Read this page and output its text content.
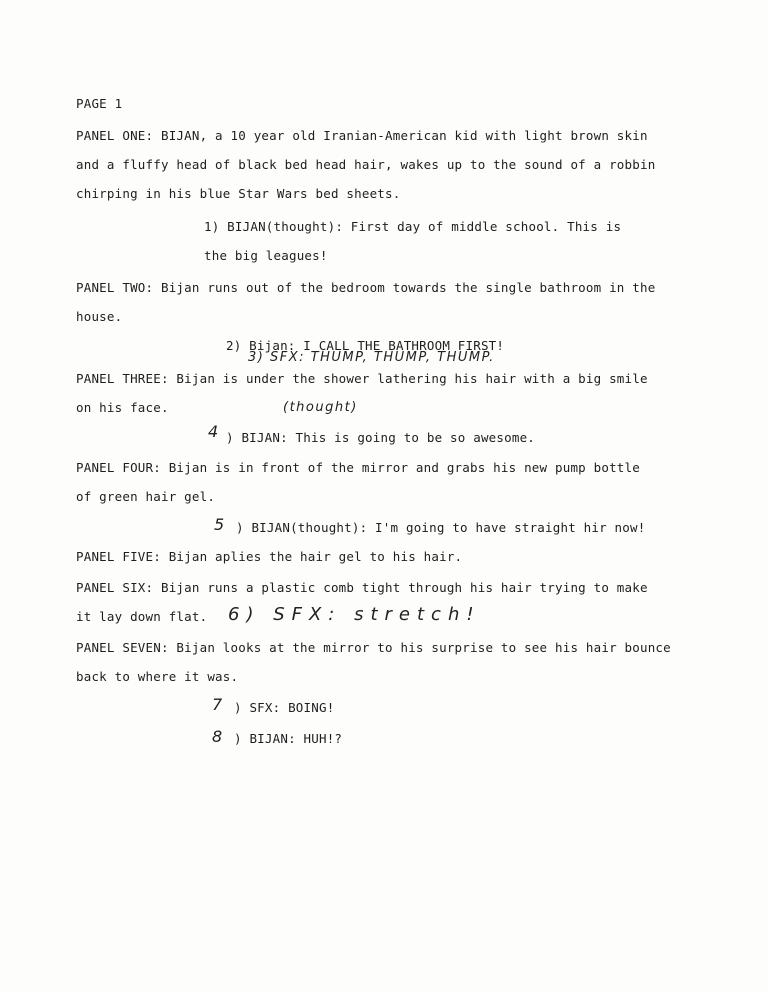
PAGE 1
PANEL ONE: BIJAN, a 10 year old Iranian-American kid with light brown skin
and a fluffy head of black bed head hair, wakes up to the sound of a robbin
chirping in his blue Star Wars bed sheets.
1) BIJAN(thought): First day of middle school. This is
the big leagues!
PANEL TWO: Bijan runs out of the bedroom towards the single bathroom in the
house.
2) Bijan: I CALL THE BATHROOM FIRST!
3) SFX: THUMP, THUMP, THUMP.
PANEL THREE: Bijan is under the shower lathering his hair with a big smile
on his face.	(thought)
4 ) BIJAN: This is going to be so awesome.
PANEL FOUR: Bijan is in front of the mirror and grabs his new pump bottle
of green hair gel.
5 ) BIJAN(thought): I'm going to have straight hir now!
PANEL FIVE: Bijan aplies the hair gel to his hair.
PANEL SIX: Bijan runs a plastic comb tight through his hair trying to make
it lay down flat. 6) SFX: stretch!
PANEL SEVEN: Bijan looks at the mirror to his surprise to see his hair bounce
back to where it was.
7 ) SFX: BOING!
8 ) BIJAN: HUH!?
